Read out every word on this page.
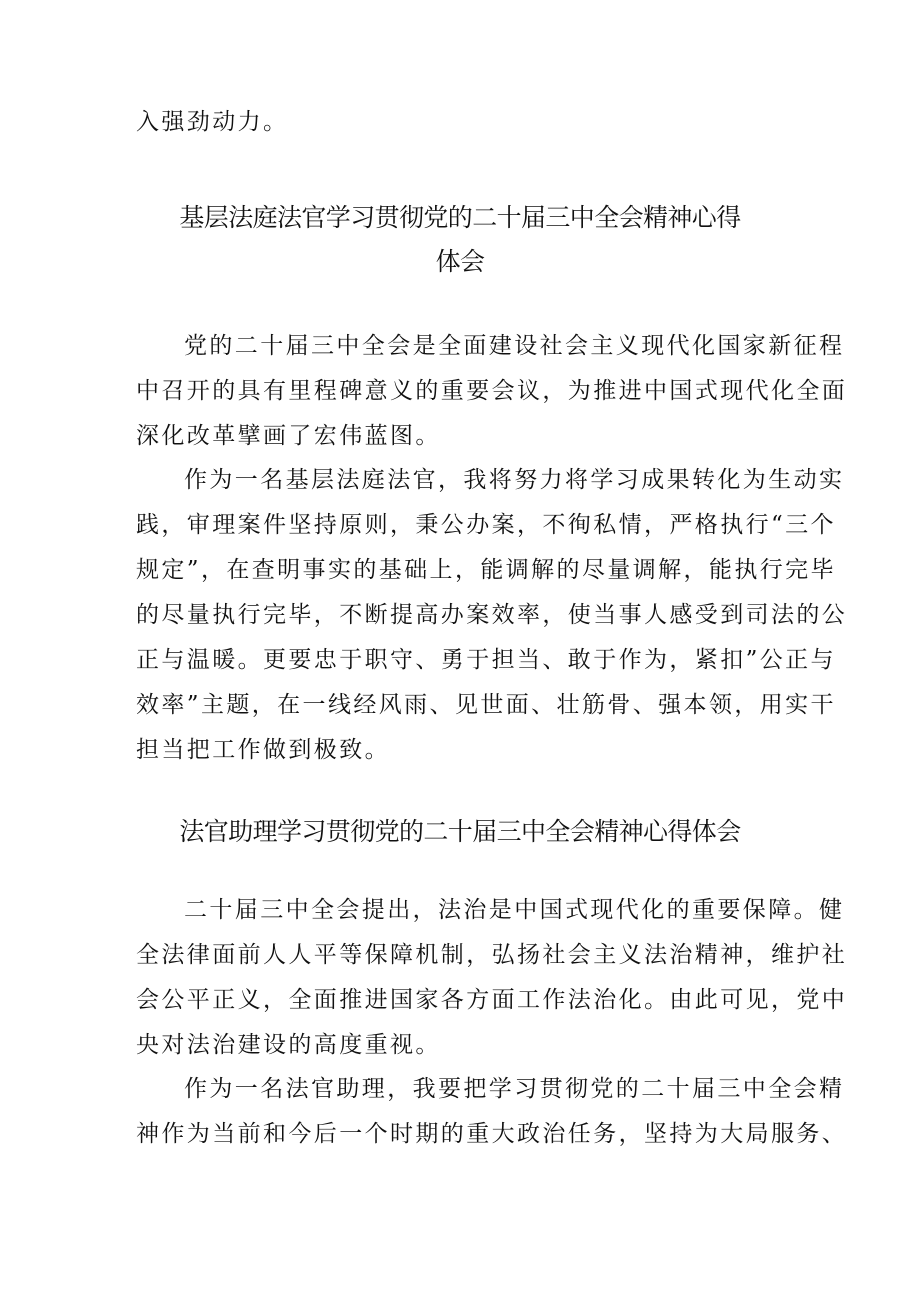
入强劲动力。
基层法庭法官学习贯彻党的二十届三中全会精神心得
体会
党的二十届三中全会是全面建设社会主义现代化国家新征程
中召开的具有里程碑意义的重要会议，为推进中国式现代化全面
深化改革擘画了宏伟蓝图。
作为一名基层法庭法官，我将努力将学习成果转化为生动实
践，审理案件坚持原则，秉公办案，不徇私情，严格执行“三个
规定”，在查明事实的基础上，能调解的尽量调解，能执行完毕
的尽量执行完毕，不断提高办案效率，使当事人感受到司法的公
正与温暖。更要忠于职守、勇于担当、敢于作为，紧扣”公正与
效率”主题，在一线经风雨、见世面、壮筋骨、强本领，用实干
担当把工作做到极致。
法官助理学习贯彻党的二十届三中全会精神心得体会
二十届三中全会提出，法治是中国式现代化的重要保障。健
全法律面前人人平等保障机制，弘扬社会主义法治精神，维护社
会公平正义，全面推进国家各方面工作法治化。由此可见，党中
央对法治建设的高度重视。
作为一名法官助理，我要把学习贯彻党的二十届三中全会精
神作为当前和今后一个时期的重大政治任务，坚持为大局服务、
